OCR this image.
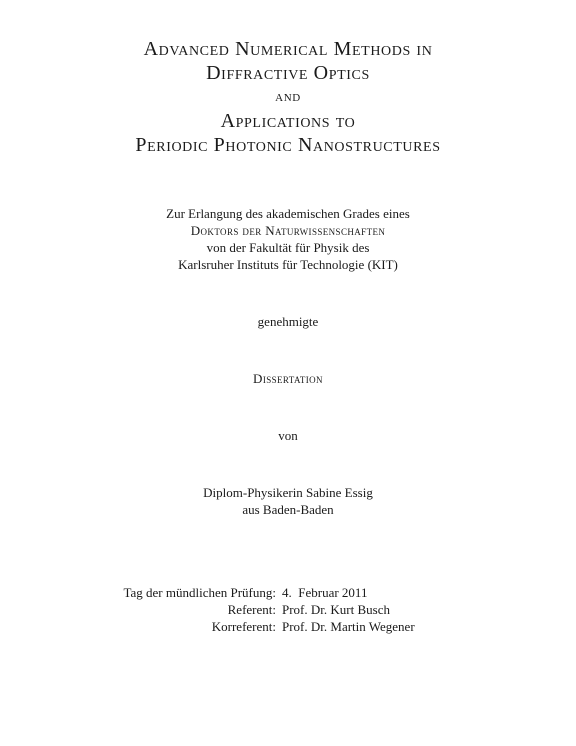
Advanced Numerical Methods in
Diffractive Optics
and
Applications to
Periodic Photonic Nanostructures
Zur Erlangung des akademischen Grades eines
Doktors der Naturwissenschaften
von der Fakultät für Physik des
Karlsruher Instituts für Technologie (KIT)
genehmigte
Dissertation
von
Diplom-Physikerin Sabine Essig
aus Baden-Baden
Tag der mündlichen Prüfung: 4.  Februar 2011
Referent: Prof. Dr. Kurt Busch
Korreferent: Prof. Dr. Martin Wegener
